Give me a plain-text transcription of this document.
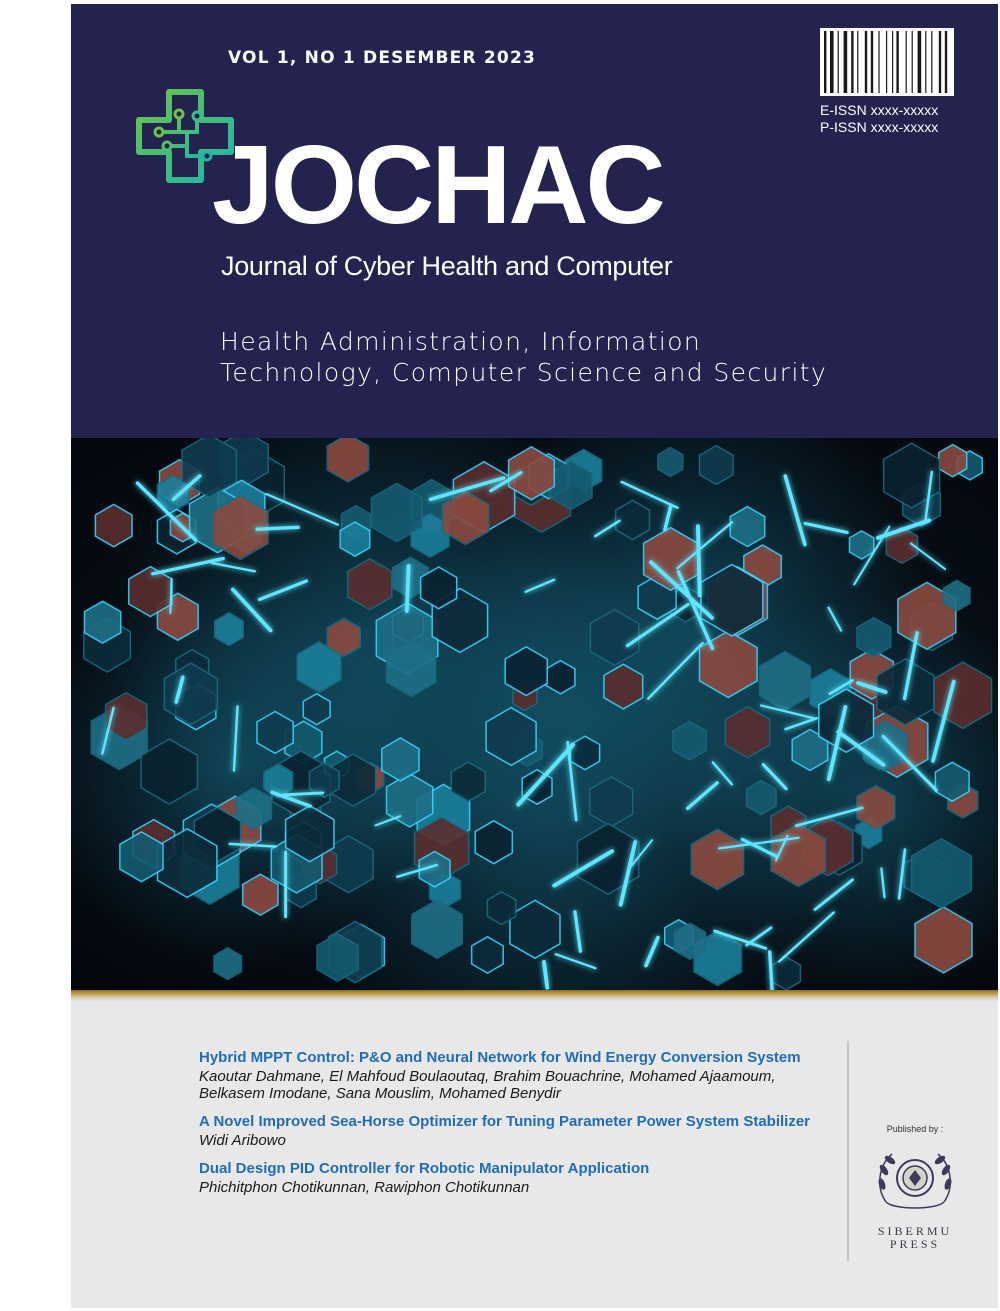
VOL 1, NO 1 DESEMBER 2023
E-ISSN xxxx-xxxxx
P-ISSN xxxx-xxxxx
JOCHAC
Journal of Cyber Health and Computer
Health Administration, Information
Technology, Computer Science and Security
Hybrid MPPT Control: P&O and Neural Network for Wind Energy Conversion System
Kaoutar Dahmane, El Mahfoud Boulaoutaq, Brahim Bouachrine, Mohamed Ajaamoum, Belkasem Imodane, Sana Mouslim, Mohamed Benydir
A Novel Improved Sea-Horse Optimizer for Tuning Parameter Power System Stabilizer
Widi Aribowo
Dual Design PID Controller for Robotic Manipulator Application
Phichitphon Chotikunnan, Rawiphon Chotikunnan
Published by :
SIBERMU
PRESS
